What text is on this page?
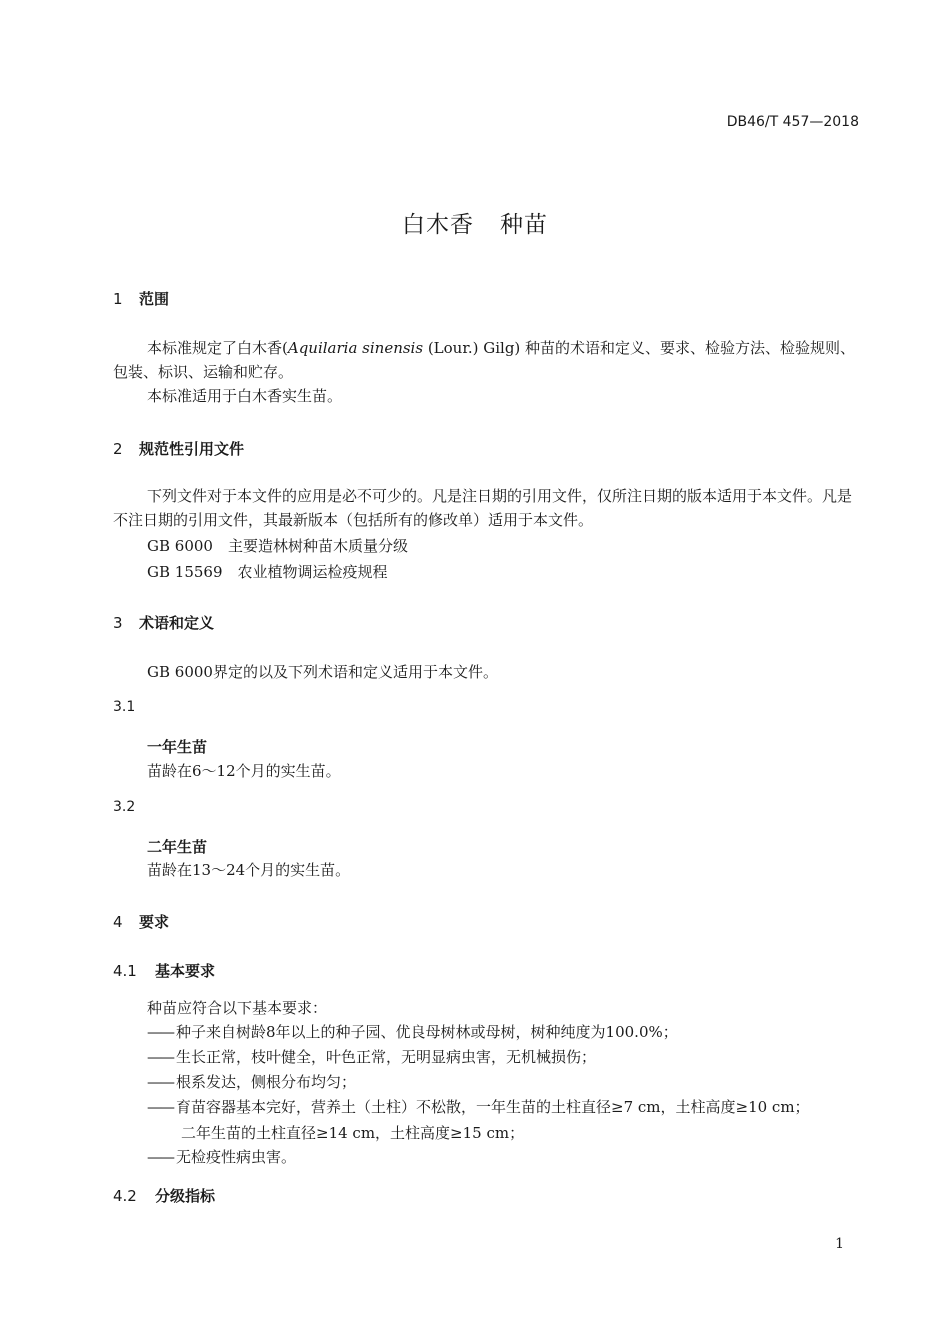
DB46/T 457—2018
白木香 种苗
1 范围
本标准规定了白木香(Aquilaria sinensis (Lour.) Gilg) 种苗的术语和定义、要求、检验方法、检验规则、包装、标识、运输和贮存。
本标准适用于白木香实生苗。
2 规范性引用文件
下列文件对于本文件的应用是必不可少的。凡是注日期的引用文件，仅所注日期的版本适用于本文件。凡是不注日期的引用文件，其最新版本（包括所有的修改单）适用于本文件。
GB 6000　主要造林树种苗木质量分级
GB 15569　农业植物调运检疫规程
3 术语和定义
GB 6000界定的以及下列术语和定义适用于本文件。
3.1
一年生苗
苗龄在6～12个月的实生苗。
3.2
二年生苗
苗龄在13～24个月的实生苗。
4 要求
4.1 基本要求
种苗应符合以下基本要求：
—— 种子来自树龄8年以上的种子园、优良母树林或母树，树种纯度为100.0%；
—— 生长正常，枝叶健全，叶色正常，无明显病虫害，无机械损伤；
—— 根系发达，侧根分布均匀；
—— 育苗容器基本完好，营养土（土柱）不松散，一年生苗的土柱直径≥7 cm，土柱高度≥10 cm；
二年生苗的土柱直径≥14 cm，土柱高度≥15 cm；
—— 无检疫性病虫害。
4.2 分级指标
1
